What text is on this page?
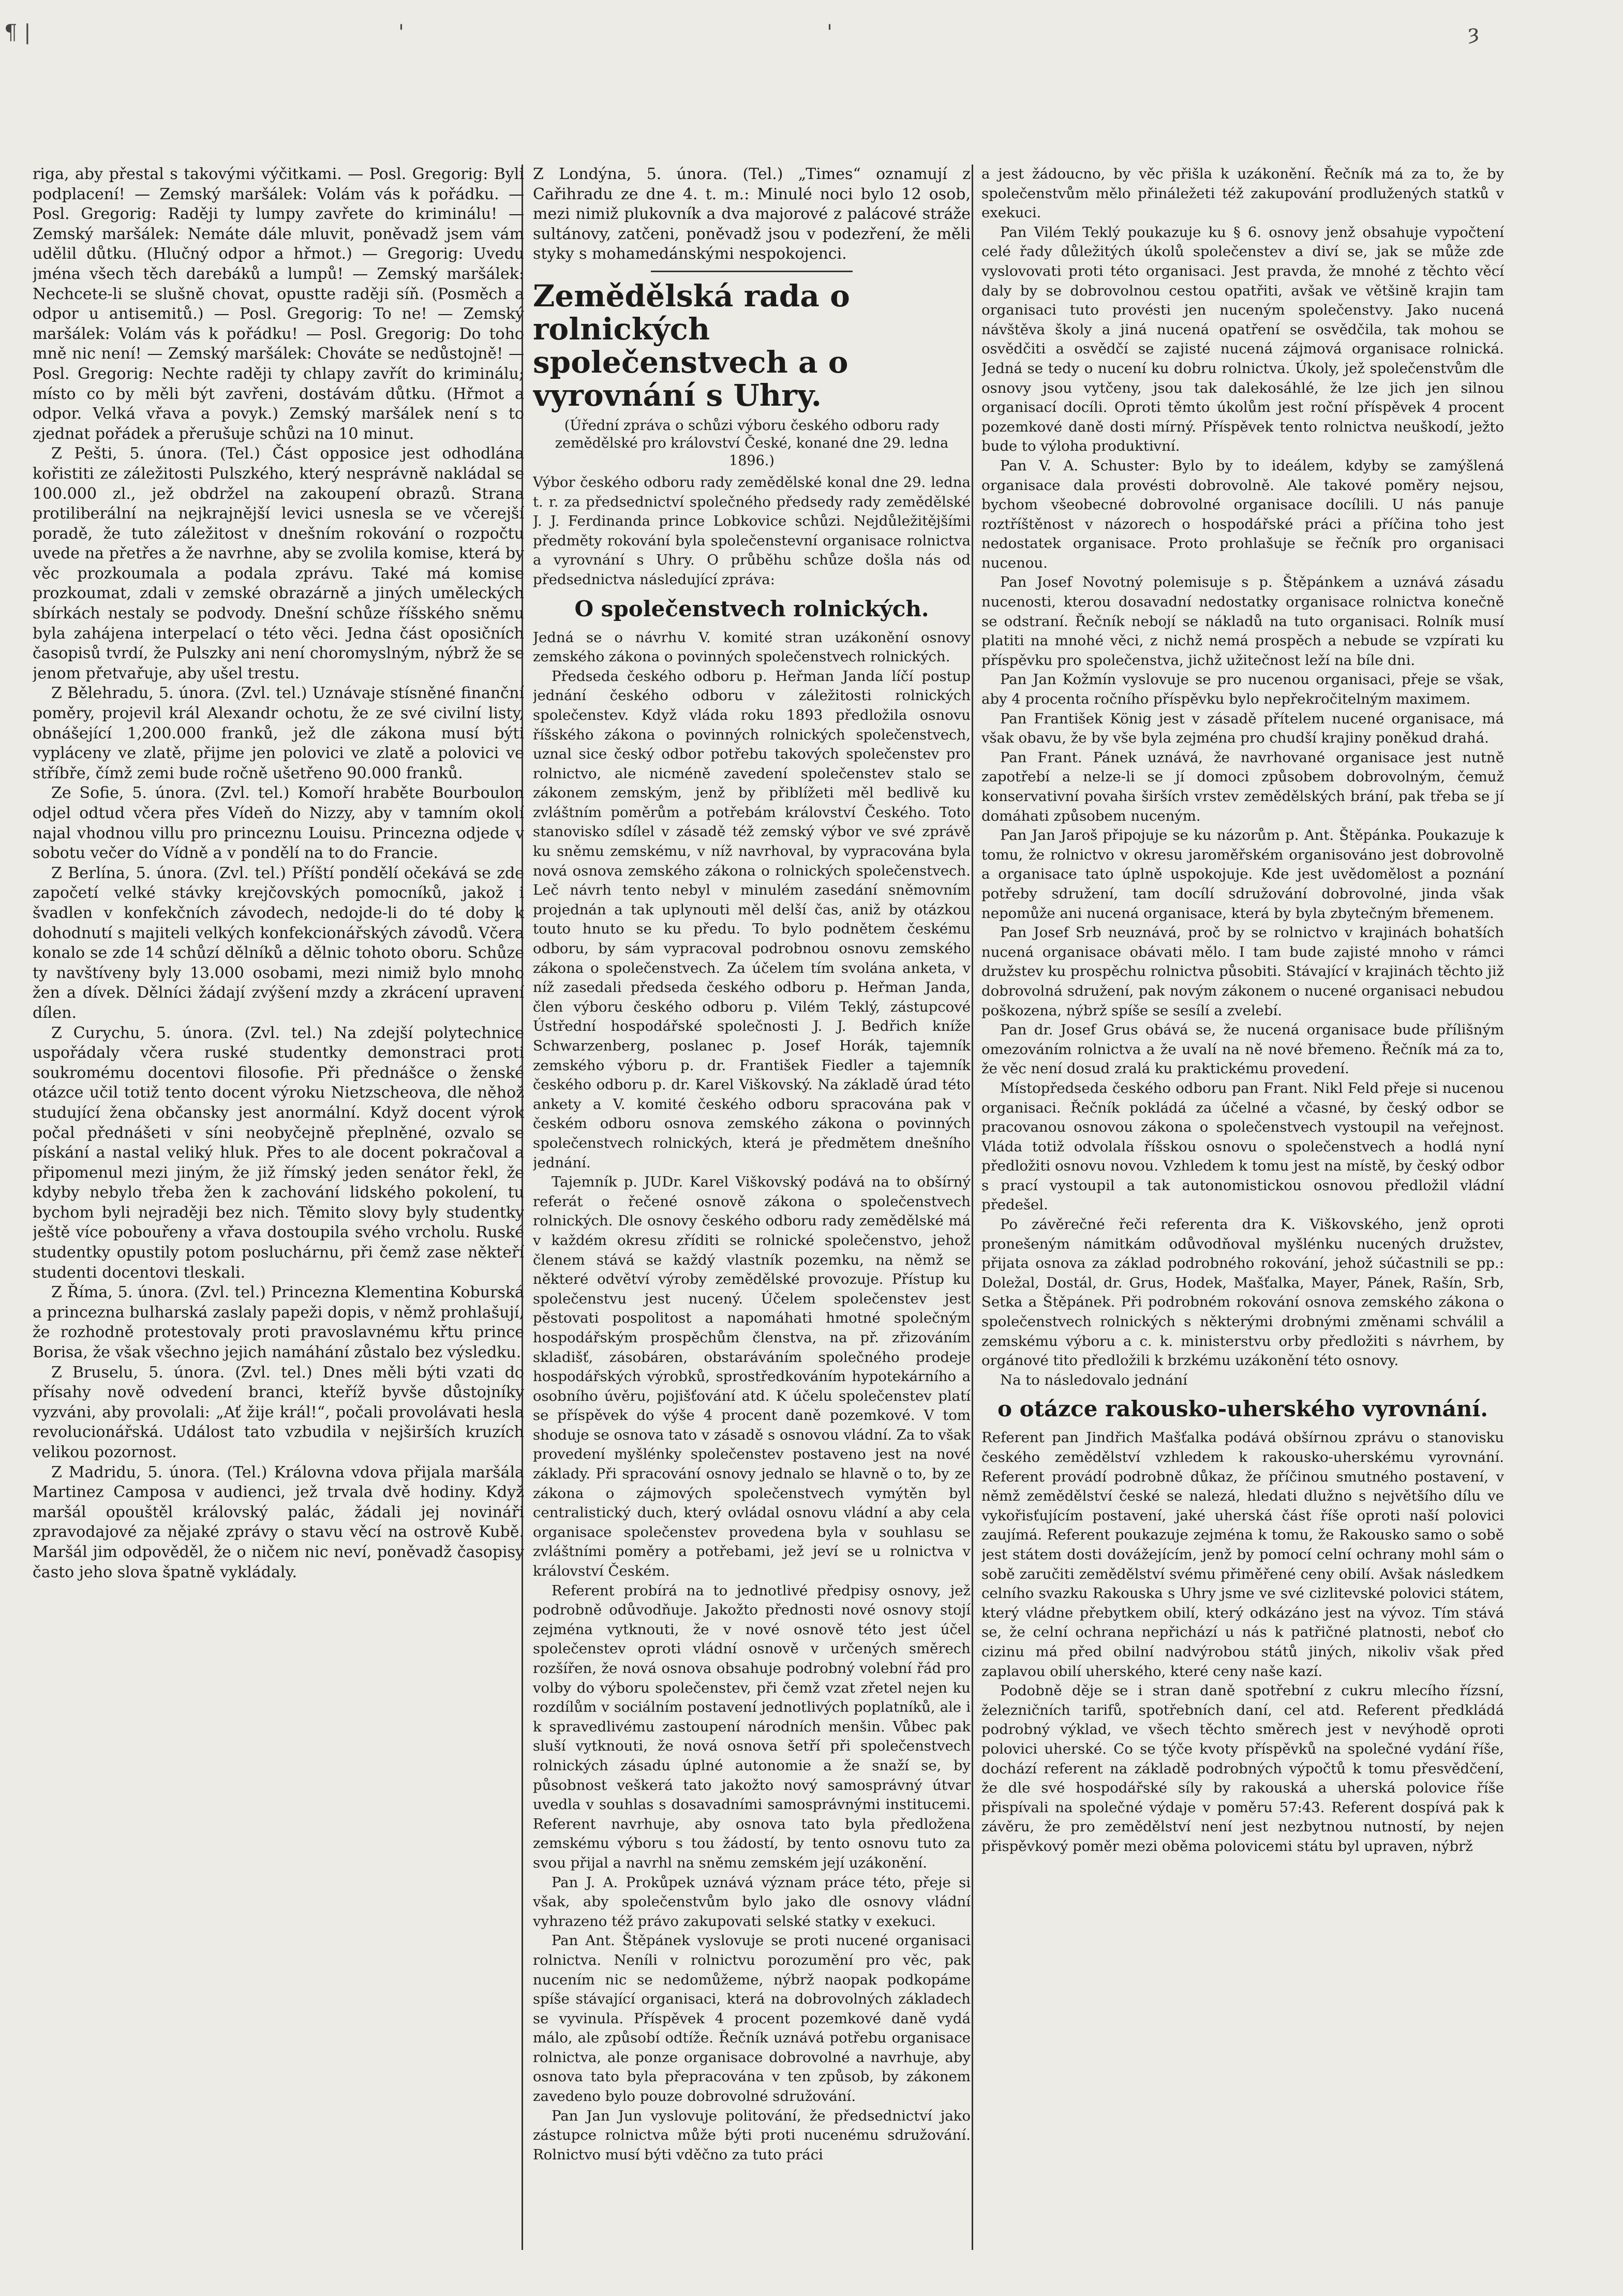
¶ |	'	'	ȝ

riga, aby přestal s takovými výčitkami. — Posl. Gregorig: Byli podplacení! — Zemský maršálek: Volám vás k pořádku. — Posl. Gregorig: Raději ty lumpy zavřete do kriminálu! — Zemský maršálek: Nemáte dále mluvit, poněvadž jsem vám udělil důtku. (Hlučný odpor a hřmot.) — Gregorig: Uvedu jména všech těch darebáků a lumpů! — Zemský maršálek: Nechcete-li se slušně chovat, opustte raději síň. (Posměch a odpor u antisemitů.) — Posl. Gregorig: To ne! — Zemský maršálek: Volám vás k pořádku! — Posl. Gregorig: Do toho mně nic není! — Zemský maršálek: Chováte se nedůstojně! — Posl. Gregorig: Nechte raději ty chlapy zavřít do kriminálu; místo co by měli být zavřeni, dostávám důtku. (Hřmot a odpor. Velká vřava a povyk.) Zemský maršálek není s to zjednat pořádek a přerušuje schůzi na 10 minut.

Z Pešti, 5. února. (Tel.) Část opposice jest odhodlána kořistiti ze záležitosti Pulszkého, který nesprávně nakládal se 100.000 zl., jež obdržel na zakoupení obrazů. Strana protiliberální na nejkrajnější levici usnesla se ve včerejší poradě, že tuto záležitost v dnešním rokování o rozpočtu uvede na přetřes a že navrhne, aby se zvolila komise, která by věc prozkoumala a podala zprávu. Také má komise prozkoumat, zdali v zemské obrazárně a jiných uměleckých sbírkách nestaly se podvody. Dnešní schůze říšského sněmu byla zahájena interpelací o této věci. Jedna část oposičních časopisů tvrdí, že Pulszky ani není choromyslným, nýbrž že se jenom přetvařuje, aby ušel trestu.

Z Bělehradu, 5. února. (Zvl. tel.) Uznávaje stísněné finanční poměry, projevil král Alexandr ochotu, že ze své civilní listy, obnášející 1,200.000 franků, jež dle zákona musí býti vypláceny ve zlatě, přijme jen polovici ve zlatě a polovici ve stříbře, čímž zemi bude ročně ušetřeno 90.000 franků.

Ze Sofie, 5. února. (Zvl. tel.) Komoří hraběte Bourboulon odjel odtud včera přes Vídeň do Nizzy, aby v tamním okolí najal vhodnou villu pro princeznu Louisu. Princezna odjede v sobotu večer do Vídně a v pondělí na to do Francie.

Z Berlína, 5. února. (Zvl. tel.) Příští pondělí očekává se zde započetí velké stávky krejčovských pomocníků, jakož i švadlen v konfekčních závodech, nedojde-li do té doby k dohodnutí s majiteli velkých konfekcionářských závodů. Včera konalo se zde 14 schůzí dělníků a dělnic tohoto oboru. Schůze ty navštíveny byly 13.000 osobami, mezi nimiž bylo mnoho žen a dívek. Dělníci žádají zvýšení mzdy a zkrácení upravení dílen.

Z Curychu, 5. února. (Zvl. tel.) Na zdejší polytechnice uspořádaly včera ruské studentky demonstraci proti soukromému docentovi filosofie. Při přednášce o ženské otázce učil totiž tento docent výroku Nietzscheova, dle něhož studující žena občansky jest anormální. Když docent výrok počal přednášeti v síni neobyčejně přeplněné, ozvalo se pískání a nastal veliký hluk. Přes to ale docent pokračoval a připomenul mezi jiným, že již římský jeden senátor řekl, že kdyby nebylo třeba žen k zachování lidského pokolení, tu bychom byli nejraději bez nich. Těmito slovy byly studentky ještě více pobouřeny a vřava dostoupila svého vrcholu. Ruské studentky opustily potom posluchárnu, při čemž zase někteří studenti docentovi tleskali.

Z Říma, 5. února. (Zvl. tel.) Princezna Klementina Koburská a princezna bulharská zaslaly papeži dopis, v němž prohlašují, že rozhodně protestovaly proti pravoslavnému křtu prince Borisa, že však všechno jejich namáhání zůstalo bez výsledku.

Z Bruselu, 5. února. (Zvl. tel.) Dnes měli býti vzati do přísahy nově odvedení branci, kteříž byvše důstojníky vyzváni, aby provolali: „Ať žije král!“, počali provolávati hesla revolucionářská. Událost tato vzbudila v nejširších kruzích velikou pozornost.

Z Madridu, 5. února. (Tel.) Královna vdova přijala maršála Martinez Camposa v audienci, jež trvala dvě hodiny. Když maršál opouštěl královský palác, žádali jej novináři zpravodajové za nějaké zprávy o stavu věcí na ostrově Kubě. Maršál jim odpověděl, že o ničem nic neví, poněvadž časopisy často jeho slova špatně vykládaly.

Z Londýna, 5. února. (Tel.) „Times“ oznamují z Cařihradu ze dne 4. t. m.: Minulé noci bylo 12 osob, mezi nimiž plukovník a dva majorové z palácové stráže sultánovy, zatčeni, poněvadž jsou v podezření, že měli styky s mohamedánskými nespokojenci.

Zemědělská rada o rolnických společenstvech a o vyrovnání s Uhry.
(Úřední zpráva o schůzi výboru českého odboru rady zemědělské pro království České, konané dne 29. ledna 1896.)

Výbor českého odboru rady zemědělské konal dne 29. ledna t. r. za předsednictví společného předsedy rady zemědělské J. J. Ferdinanda prince Lobkovice schůzi. Nejdůležitějšími předměty rokování byla společenstevní organisace rolnictva a vyrovnání s Uhry. O průběhu schůze došla nás od předsednictva následující zpráva:

O společenstvech rolnických.

Jedná se o návrhu V. komité stran uzákonění osnovy zemského zákona o povinných společenstvech rolnických.

Předseda českého odboru p. Heřman Janda líčí postup jednání českého odboru v záležitosti rolnických společenstev. Když vláda roku 1893 předložila osnovu říšského zákona o povinných rolnických společenstvech, uznal sice český odbor potřebu takových společenstev pro rolnictvo, ale nicméně zavedení společenstev stalo se zákonem zemským, jenž by přiblížeti měl bedlivě ku zvláštním poměrům a potřebám království Českého. Toto stanovisko sdílel v zásadě též zemský výbor ve své zprávě ku sněmu zemskému, v níž navrhoval, by vypracována byla nová osnova zemského zákona o rolnických společenstvech. Leč návrh tento nebyl v minulém zasedání sněmovním projednán a tak uplynouti měl delší čas, aniž by otázkou touto hnuto se ku předu. To bylo podnětem českému odboru, by sám vypracoval podrobnou osnovu zemského zákona o společenstvech. Za účelem tím svolána anketa, v níž zasedali předseda českého odboru p. Heřman Janda, člen výboru českého odboru p. Vilém Teklý, zástupcové Ústřední hospodářské společnosti J. J. Bedřich kníže Schwarzenberg, poslanec p. Josef Horák, tajemník zemského výboru p. dr. František Fiedler a tajemník českého odboru p. dr. Karel Viškovský. Na základě úrad této ankety a V. komité českého odboru spracována pak v českém odboru osnova zemského zákona o povinných společenstvech rolnických, která je předmětem dnešního jednání.

Tajemník p. JUDr. Karel Viškovský podává na to obšírný referát o řečené osnově zákona o společenstvech rolnických. Dle osnovy českého odboru rady zemědělské má v každém okresu zříditi se rolnické společenstvo, jehož členem stává se každý vlastník pozemku, na němž se některé odvětví výroby zemědělské provozuje. Přístup ku společenstvu jest nucený. Účelem společenstev jest pěstovati pospolitost a napomáhati hmotné společným hospodářským prospěchům členstva, na př. zřizováním skladišť, zásobáren, obstaráváním společného prodeje hospodářských výrobků, sprostředkováním hypotekárního a osobního úvěru, pojišťování atd. K účelu společenstev platí se příspěvek do výše 4 procent daně pozemkové. V tom shoduje se osnova tato v zásadě s osnovou vládní. Za to však provedení myšlénky společenstev postaveno jest na nové základy. Při spracování osnovy jednalo se hlavně o to, by ze zákona o zájmových společenstvech vymýtěn byl centralistický duch, který ovládal osnovu vládní a aby cela organisace společenstev provedena byla v souhlasu se zvláštními poměry a potřebami, jež jeví se u rolnictva v království Českém.

Referent probírá na to jednotlivé předpisy osnovy, jež podrobně odůvodňuje. Jakožto přednosti nové osnovy stojí zejména vytknouti, že v nové osnově této jest účel společenstev oproti vládní osnově v určených směrech rozšířen, že nová osnova obsahuje podrobný volební řád pro volby do výboru společenstev, při čemž vzat zřetel nejen ku rozdílům v sociálním postavení jednotlivých poplatníků, ale i k spravedlivému zastoupení národních menšin. Vůbec pak sluší vytknouti, že nová osnova šetří při společenstvech rolnických zásadu úplné autonomie a že snaží se, by působnost veškerá tato jakožto nový samosprávný útvar uvedla v souhlas s dosavadními samosprávnými institucemi. Referent navrhuje, aby osnova tato byla předložena zemskému výboru s tou žádostí, by tento osnovu tuto za svou přijal a navrhl na sněmu zemském její uzákonění.

Pan J. A. Prokůpek uznává význam práce této, přeje si však, aby společenstvům bylo jako dle osnovy vládní vyhrazeno též právo zakupovati selské statky v exekuci.

Pan Ant. Štěpánek vyslovuje se proti nucené organisaci rolnictva. Neníli v rolnictvu porozumění pro věc, pak nucením nic se nedomůžeme, nýbrž naopak podkopáme spíše stávající organisaci, která na dobrovolných základech se vyvinula. Příspěvek 4 procent pozemkové daně vydá málo, ale způsobí odtíže. Řečník uznává potřebu organisace rolnictva, ale ponze organisace dobrovolné a navrhuje, aby osnova tato byla přepracována v ten způsob, by zákonem zavedeno bylo pouze dobrovolné sdružování.

Pan Jan Jun vyslovuje politování, že předsednictví jako zástupce rolnictva může býti proti nucenému sdružování. Rolnictvo musí býti vděčno za tuto práci

a jest žádoucno, by věc přišla k uzákonění. Řečník má za to, že by společenstvům mělo přináležeti též zakupování prodlužených statků v exekuci.

Pan Vilém Teklý poukazuje ku § 6. osnovy jenž obsahuje vypočtení celé řady důležitých úkolů společenstev a diví se, jak se může zde vyslovovati proti této organisaci. Jest pravda, že mnohé z těchto věcí daly by se dobrovolnou cestou opatřiti, avšak ve většině krajin tam organisaci tuto provésti jen nuceným společenstvy. Jako nucená návštěva školy a jiná nucená opatření se osvědčila, tak mohou se osvědčiti a osvědčí se zajisté nucená zájmová organisace rolnická. Jedná se tedy o nucení ku dobru rolnictva. Úkoly, jež společenstvům dle osnovy jsou vytčeny, jsou tak dalekosáhlé, že lze jich jen silnou organisací docíli. Oproti těmto úkolům jest roční příspěvek 4 procent pozemkové daně dosti mírný. Příspěvek tento rolnictva neuškodí, ježto bude to výloha produktivní.

Pan V. A. Schuster: Bylo by to ideálem, kdyby se zamýšlená organisace dala provésti dobrovolně. Ale takové poměry nejsou, bychom všeobecné dobrovolné organisace docílili. U nás panuje roztříštěnost v názorech o hospodářské práci a příčina toho jest nedostatek organisace. Proto prohlašuje se řečník pro organisaci nucenou.

Pan Josef Novotný polemisuje s p. Štěpánkem a uznává zásadu nucenosti, kterou dosavadní nedostatky organisace rolnictva konečně se odstraní. Řečník nebojí se nákladů na tuto organisaci. Rolník musí platiti na mnohé věci, z nichž nemá prospěch a nebude se vzpírati ku příspěvku pro společenstva, jichž užitečnost leží na bíle dni.

Pan Jan Kožmín vyslovuje se pro nucenou organisaci, přeje se však, aby 4 procenta ročního příspěvku bylo nepřekročitelným maximem.

Pan František König jest v zásadě přítelem nucené organisace, má však obavu, že by vše byla zejména pro chudší krajiny poněkud drahá.

Pan Frant. Pánek uznává, že navrhované organisace jest nutně zapotřebí a nelze-li se jí domoci způsobem dobrovolným, čemuž konservativní povaha širších vrstev zemědělských brání, pak třeba se jí domáhati způsobem nuceným.

Pan Jan Jaroš připojuje se ku názorům p. Ant. Štěpánka. Poukazuje k tomu, že rolnictvo v okresu jaroměřském organisováno jest dobrovolně a organisace tato úplně uspokojuje. Kde jest uvědomělost a poznání potřeby sdružení, tam docílí sdružování dobrovolné, jinda však nepomůže ani nucená organisace, která by byla zbytečným břemenem.

Pan Josef Srb neuznává, proč by se rolnictvo v krajinách bohatších nucená organisace obávati mělo. I tam bude zajisté mnoho v rámci družstev ku prospěchu rolnictva působiti. Stávající v krajinách těchto již dobrovolná sdružení, pak novým zákonem o nucené organisaci nebudou poškozena, nýbrž spíše se sesílí a zvelebí.

Pan dr. Josef Grus obává se, že nucená organisace bude přílišným omezováním rolnictva a že uvalí na ně nové břemeno. Řečník má za to, že věc není dosud zralá ku praktickému provedení.

Místopředseda českého odboru pan Frant. Nikl Feld přeje si nucenou organisaci. Řečník pokládá za účelné a včasné, by český odbor se pracovanou osnovou zákona o společenstvech vystoupil na veřejnost. Vláda totiž odvolala říšskou osnovu o společenstvech a hodlá nyní předložiti osnovu novou. Vzhledem k tomu jest na místě, by český odbor s prací vystoupil a tak autonomistickou osnovou předložil vládní předešel.

Po závěrečné řeči referenta dra K. Viškovského, jenž oproti pronešeným námitkám odůvodňoval myšlénku nucených družstev, přijata osnova za základ podrobného rokování, jehož súčastnili se pp.: Doležal, Dostál, dr. Grus, Hodek, Mašťalka, Mayer, Pánek, Rašín, Srb, Setka a Štěpánek. Při podrobném rokování osnova zemského zákona o společenstvech rolnických s některými drobnými změnami schválil a zemskému výboru a c. k. ministerstvu orby předložiti s návrhem, by orgánové tito předložili k brzkému uzákonění této osnovy.

Na to následovalo jednání

o otázce rakousko-uherského vyrovnání.

Referent pan Jindřich Mašťalka podává obšírnou zprávu o stanovisku českého zemědělství vzhledem k rakousko-uherskému vyrovnání. Referent provádí podrobně důkaz, že příčinou smutného postavení, v němž zemědělství české se nalezá, hledati dlužno s největšího dílu ve vykořisťujícím postavení, jaké uherská část říše oproti naší polovici zaujímá. Referent poukazuje zejména k tomu, že Rakousko samo o sobě jest státem dosti dovážejícím, jenž by pomocí celní ochrany mohl sám o sobě zaručiti zemědělství svému přiměřené ceny obilí. Avšak následkem celního svazku Rakouska s Uhry jsme ve své cizlitevské polovici státem, který vládne přebytkem obilí, který odkázáno jest na vývoz. Tím stává se, že celní ochrana nepřichází u nás k patřičné platnosti, neboť cło cizinu má před obilní nadvýrobou států jiných, nikoliv však před zaplavou obilí uherského, které ceny naše kazí.

Podobně děje se i stran daně spotřební z cukru mlecího řízsní, železničních tarifů, spotřebních daní, cel atd. Referent předkládá podrobný výklad, ve všech těchto směrech jest v nevýhodě oproti polovici uherské. Co se týče kvoty příspěvků na společné vydání říše, dochází referent na základě podrobných výpočtů k tomu přesvědčení, že dle své hospodářské síly by rakouská a uherská polovice říše přispívali na společné výdaje v poměru 57:43. Referent dospívá pak k závěru, že pro zemědělství není jest nezbytnou nutností, by nejen přispěvkový poměr mezi oběma polovicemi státu byl upraven, nýbrž
